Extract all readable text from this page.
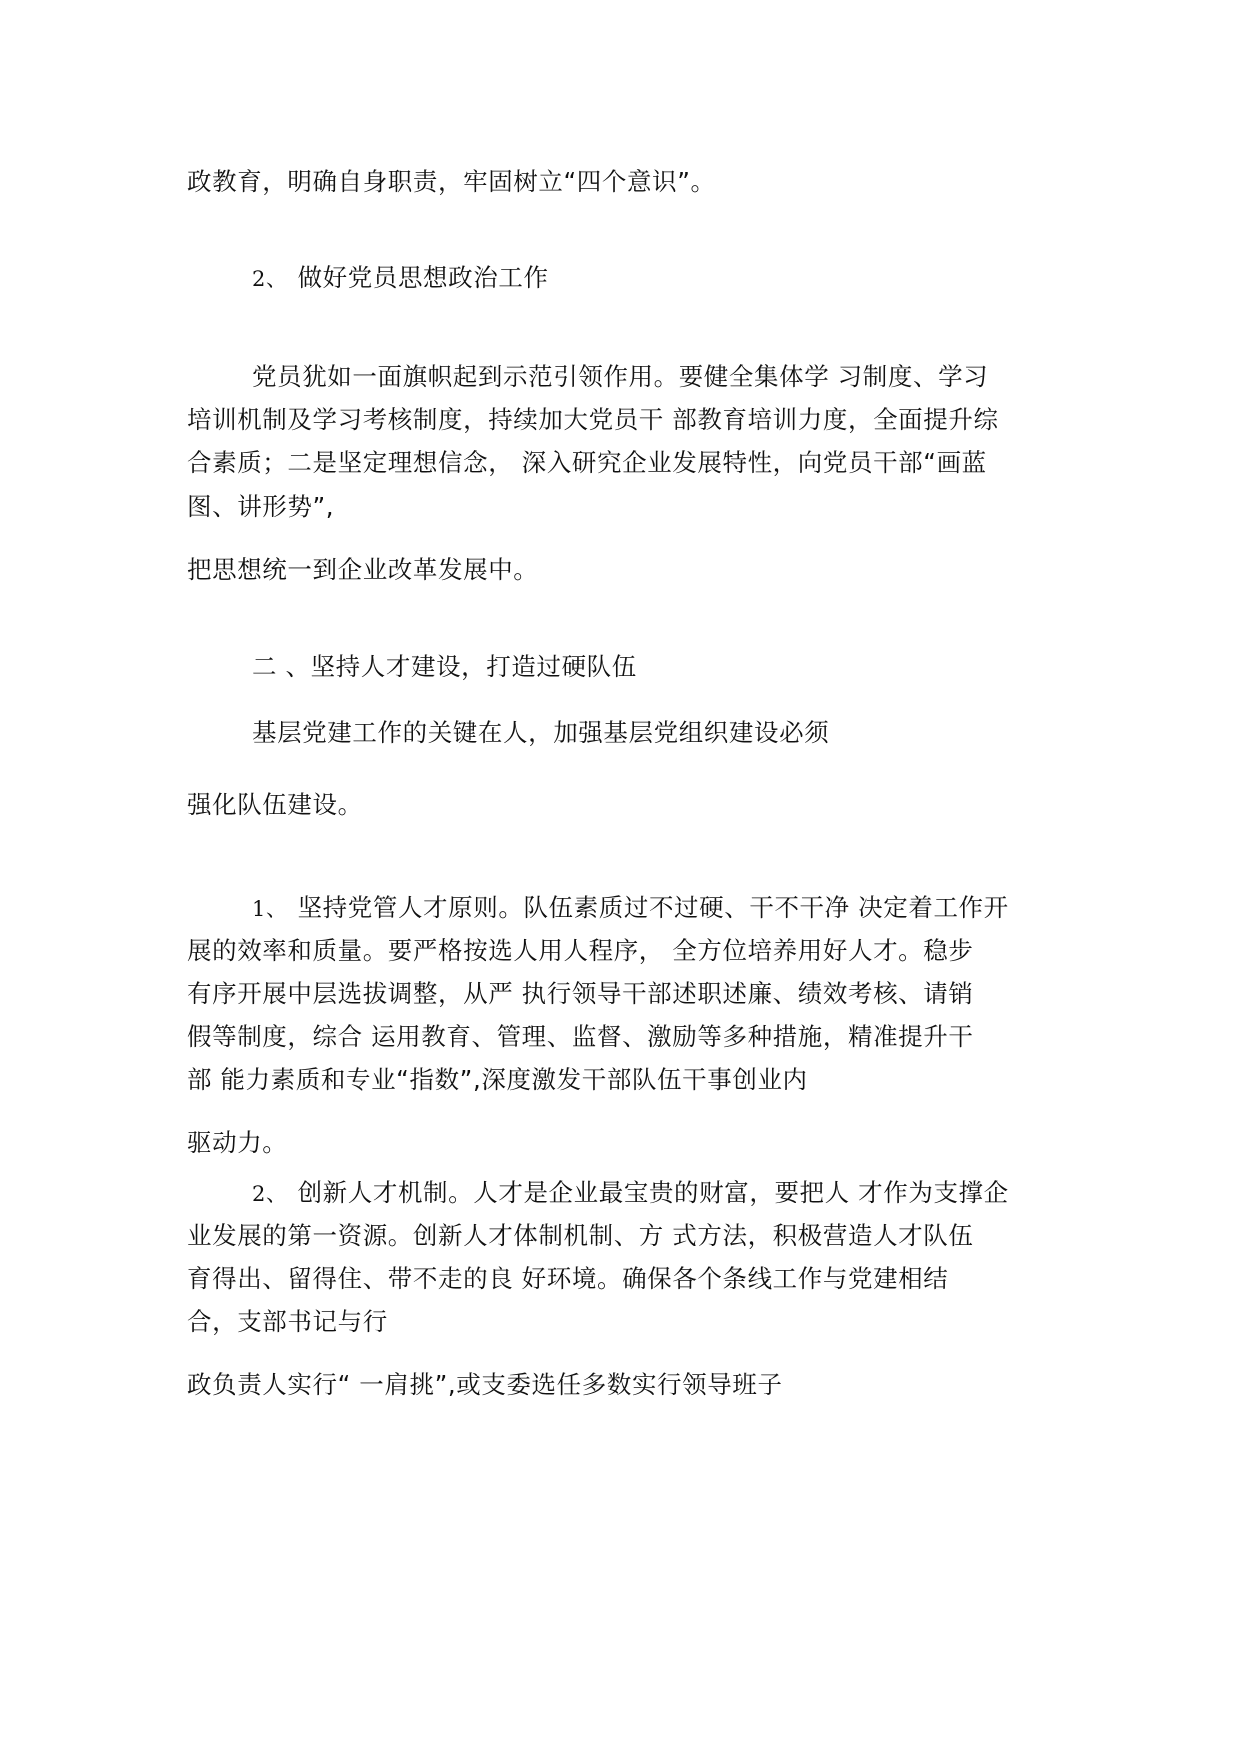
政教育，明确自身职责，牢固树立“四个意识”。

2、 做好党员思想政治工作

党员犹如一面旗帜起到示范引领作用。要健全集体学 习制度、学习

培训机制及学习考核制度，持续加大党员干 部教育培训力度，全面提升综

合素质；二是坚定理想信念， 深入研究企业发展特性，向党员干部“画蓝

图、讲形势”,

把思想统一到企业改革发展中。

二 、坚持人才建设，打造过硬队伍

基层党建工作的关键在人，加强基层党组织建设必须

强化队伍建设。

1、 坚持党管人才原则。队伍素质过不过硬、干不干净 决定着工作开

展的效率和质量。要严格按选人用人程序， 全方位培养用好人才。稳步

有序开展中层选拔调整，从严 执行领导干部述职述廉、绩效考核、请销

假等制度，综合 运用教育、管理、监督、激励等多种措施，精准提升干

部 能力素质和专业“指数”,深度激发干部队伍干事创业内

驱动力。

2、 创新人才机制。人才是企业最宝贵的财富，要把人 才作为支撑企

业发展的第一资源。创新人才体制机制、方 式方法，积极营造人才队伍

育得出、留得住、带不走的良 好环境。确保各个条线工作与党建相结

合，支部书记与行

政负责人实行“ 一肩挑”,或支委选任多数实行领导班子
